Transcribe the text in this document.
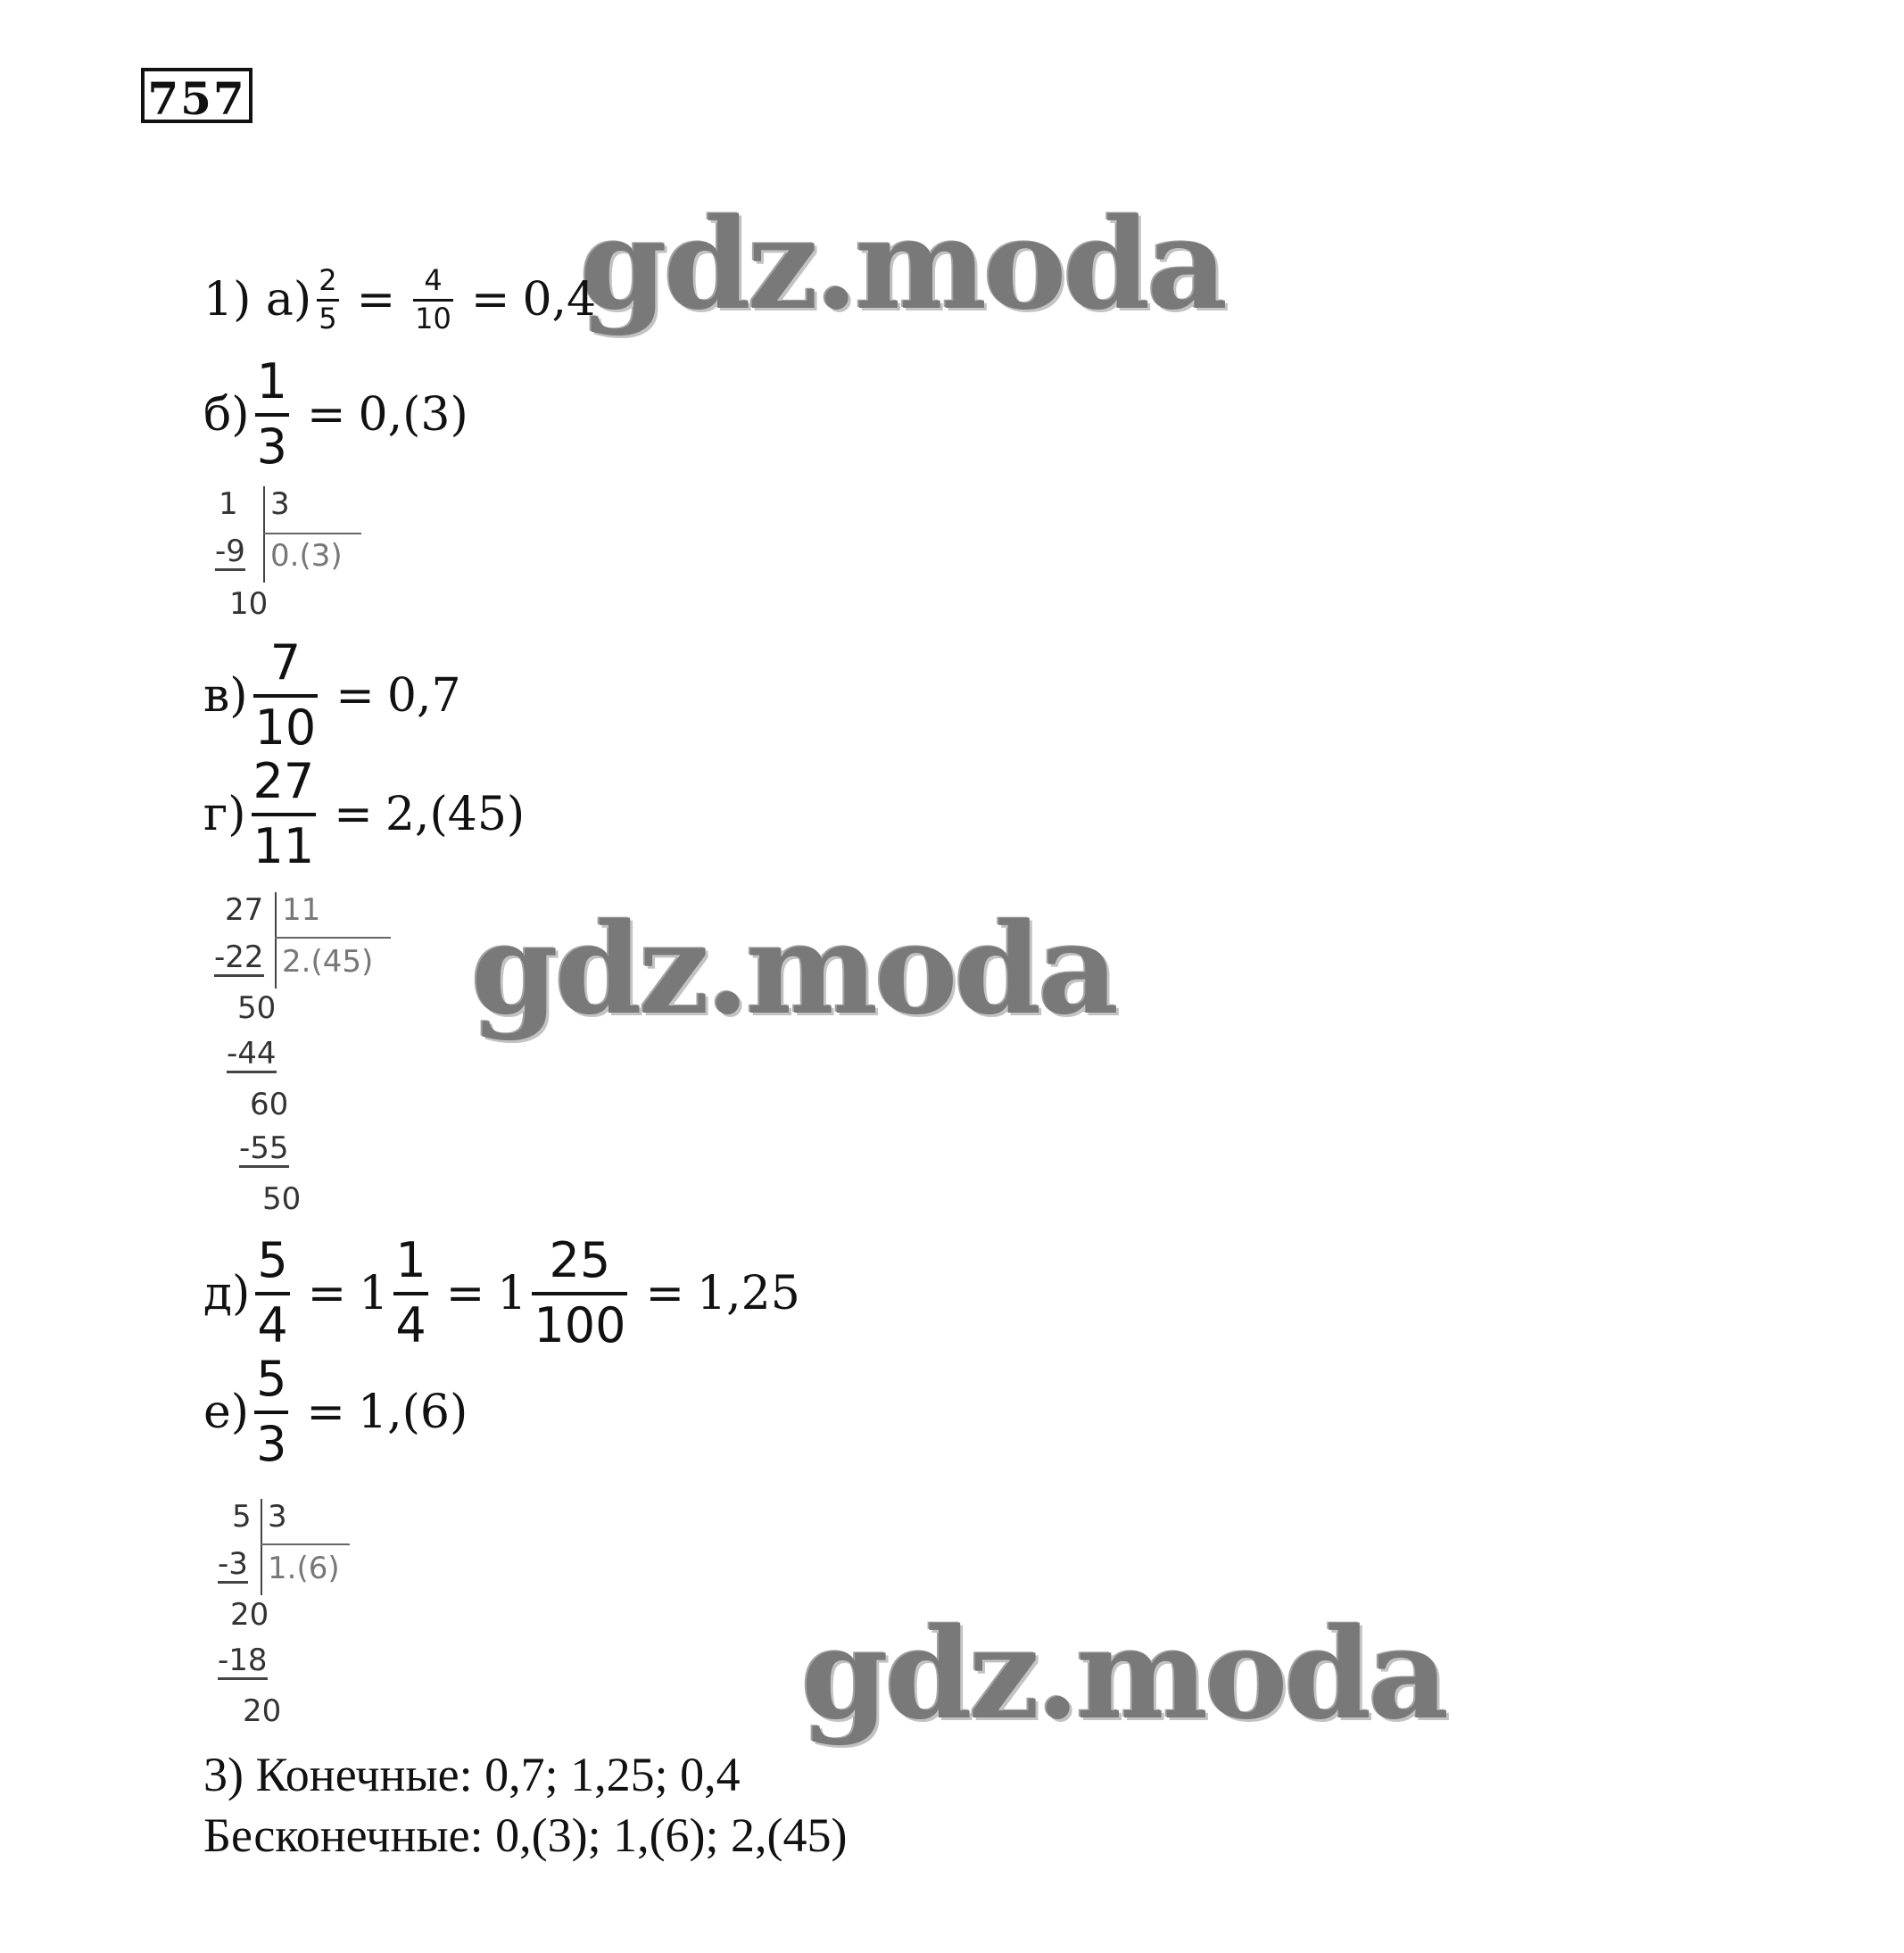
757
gdz.moda
gdz.moda
gdz.moda
1) $а) \frac{2}{5} = \frac{4}{10} = 0,4$
$б) \frac{1}{3} = 0,(3)$
1 3
-9 0.(3)
10
$в) \frac{7}{10} = 0,7$
$г) \frac{27}{11} = 2,(45)$
27 11
-22 2.(45)
50
-44
60
-55
50
$д) \frac{5}{4} = 1 \frac{1}{4} = 1 \frac{25}{100} = 1,25$
$е) \frac{5}{3} = 1,(6)$
5 3
-3 1.(6)
20
-18
20
3) Конечные: 0,7; 1,25; 0,4
Бесконечные: 0,(3); 1,(6); 2,(45)
